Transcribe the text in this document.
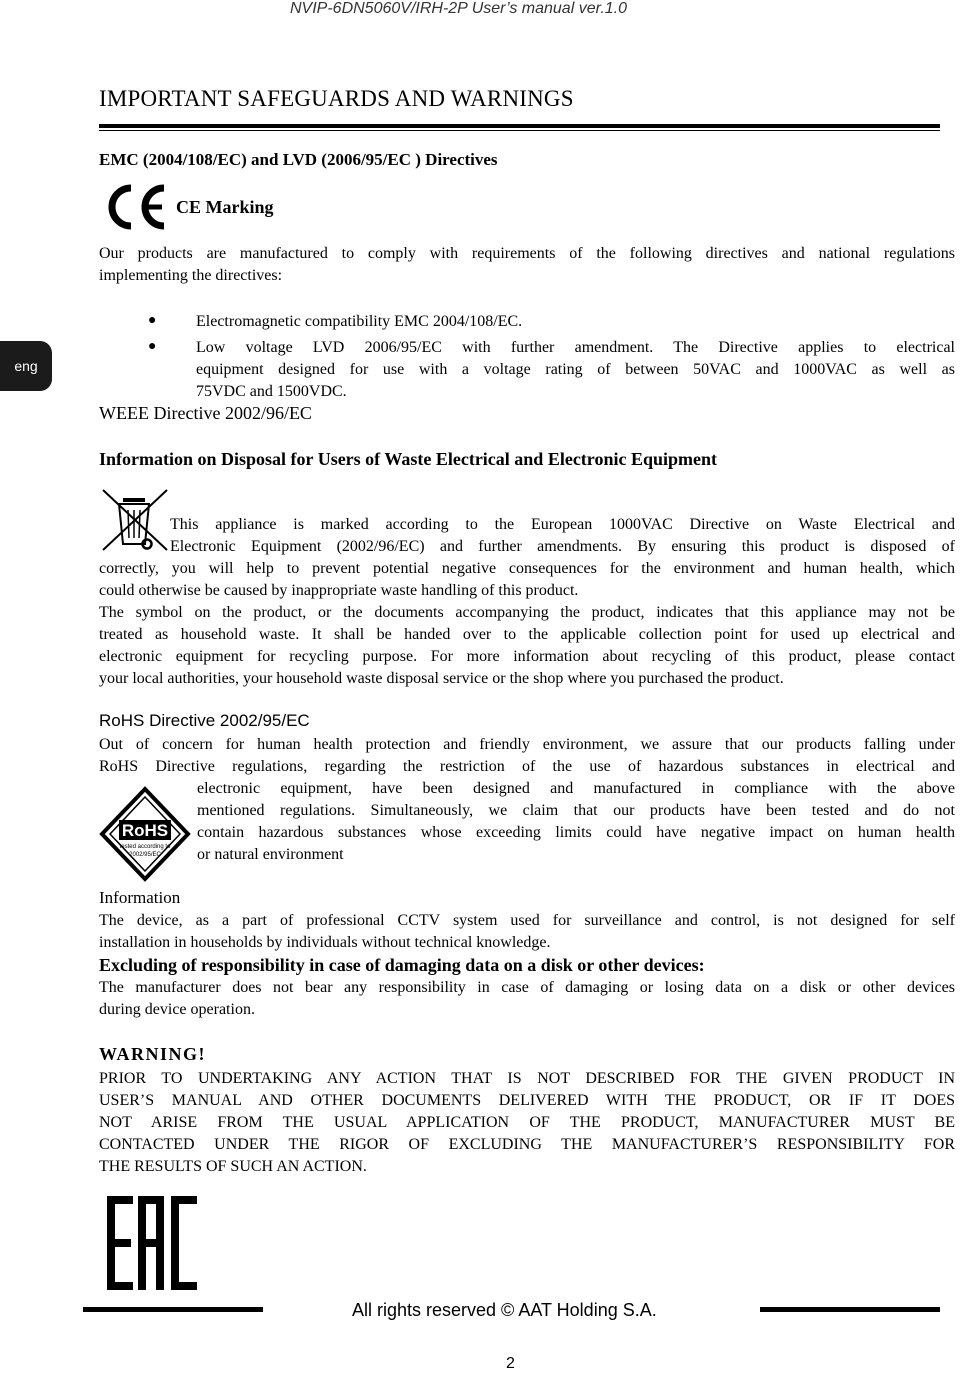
NVIP-6DN5060V/IRH-2P User’s manual ver.1.0
eng
IMPORTANT SAFEGUARDS AND WARNINGS
EMC (2004/108/EC) and LVD (2006/95/EC ) Directives
CE Marking
Our products are manufactured to comply with requirements of the following directives and national regulations
implementing the directives:
● Electromagnetic compatibility EMC 2004/108/EC.
● Low voltage LVD 2006/95/EC with further amendment. The Directive applies to electrical
equipment designed for use with a voltage rating of between 50VAC and 1000VAC as well as
75VDC and 1500VDC.
WEEE Directive 2002/96/EC
Information on Disposal for Users of Waste Electrical and Electronic Equipment
This appliance is marked according to the European 1000VAC Directive on Waste Electrical and
Electronic Equipment (2002/96/EC) and further amendments. By ensuring this product is disposed of
correctly, you will help to prevent potential negative consequences for the environment and human health, which
could otherwise be caused by inappropriate waste handling of this product.
The symbol on the product, or the documents accompanying the product, indicates that this appliance may not be
treated as household waste. It shall be handed over to the applicable collection point for used up electrical and
electronic equipment for recycling purpose. For more information about recycling of this product, please contact
your local authorities, your household waste disposal service or the shop where you purchased the product.
RoHS Directive 2002/95/EC
Out of concern for human health protection and friendly environment, we assure that our products falling under
RoHS Directive regulations, regarding the restriction of the use of hazardous substances in electrical and
RoHS
tested according to
2002/95/EC
electronic equipment, have been designed and manufactured in compliance with the above
mentioned regulations. Simultaneously, we claim that our products have been tested and do not
contain hazardous substances whose exceeding limits could have negative impact on human health
or natural environment
Information
The device, as a part of professional CCTV system used for surveillance and control, is not designed for self
installation in households by individuals without technical knowledge.
Excluding of responsibility in case of damaging data on a disk or other devices:
The manufacturer does not bear any responsibility in case of damaging or losing data on a disk or other devices
during device operation.
WARNING!
PRIOR TO UNDERTAKING ANY ACTION THAT IS NOT DESCRIBED FOR THE GIVEN PRODUCT IN
USER’S MANUAL AND OTHER DOCUMENTS DELIVERED WITH THE PRODUCT, OR IF IT DOES
NOT ARISE FROM THE USUAL APPLICATION OF THE PRODUCT, MANUFACTURER MUST BE
CONTACTED UNDER THE RIGOR OF EXCLUDING THE MANUFACTURER’S RESPONSIBILITY FOR
THE RESULTS OF SUCH AN ACTION.
All rights reserved © AAT Holding S.A.
2
